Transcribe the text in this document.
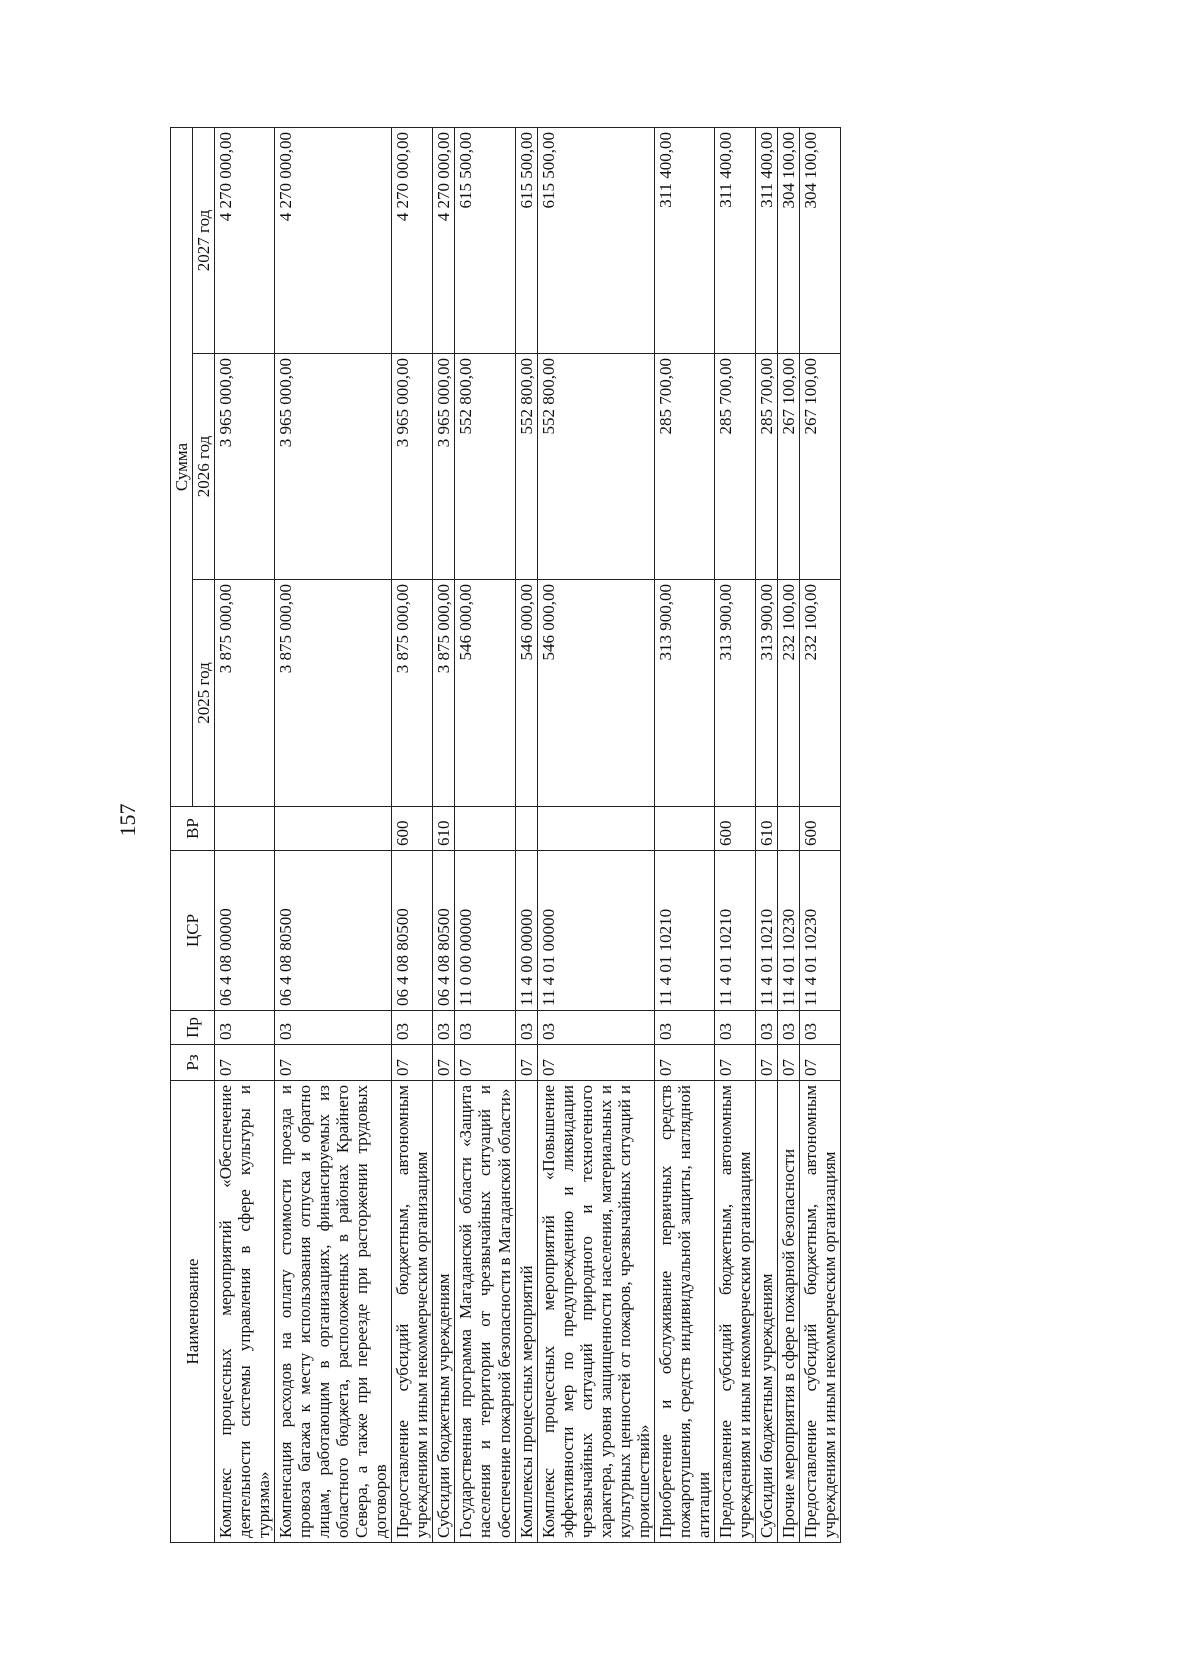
157
Наименование	Рз	Пр	ЦСР	ВР	Сумма		
					2025 год	2026 год	2027 год
Комплекс процессных мероприятий «Обеспечение деятельности системы управления в сфере культуры и туризма»	07	03	06 4 08 00000		3 875 000,00	3 965 000,00	4 270 000,00
Компенсация расходов на оплату стоимости проезда и провоза багажа к месту использования отпуска и обратно лицам, работающим в организациях, финансируемых из областного бюджета, расположенных в районах Крайнего Севера, а также при переезде при расторжении трудовых договоров	07	03	06 4 08 80500		3 875 000,00	3 965 000,00	4 270 000,00
Предоставление субсидий бюджетным, автономным учреждениям и иным некоммерческим организациям	07	03	06 4 08 80500	600	3 875 000,00	3 965 000,00	4 270 000,00
Субсидии бюджетным учреждениям	07	03	06 4 08 80500	610	3 875 000,00	3 965 000,00	4 270 000,00
Государственная программа Магаданской области «Защита населения и территории от чрезвычайных ситуаций и обеспечение пожарной безопасности в Магаданской области»	07	03	11 0 00 00000		546 000,00	552 800,00	615 500,00
Комплексы процессных мероприятий	07	03	11 4 00 00000		546 000,00	552 800,00	615 500,00
Комплекс процессных мероприятий «Повышение эффективности мер по предупреждению и ликвидации чрезвычайных ситуаций природного и техногенного характера, уровня защищенности населения, материальных и культурных ценностей от пожаров, чрезвычайных ситуаций и происшествий»	07	03	11 4 01 00000		546 000,00	552 800,00	615 500,00
Приобретение и обслуживание первичных средств пожаротушения, средств индивидуальной защиты, наглядной агитации	07	03	11 4 01 10210		313 900,00	285 700,00	311 400,00
Предоставление субсидий бюджетным, автономным учреждениям и иным некоммерческим организациям	07	03	11 4 01 10210	600	313 900,00	285 700,00	311 400,00
Субсидии бюджетным учреждениям	07	03	11 4 01 10210	610	313 900,00	285 700,00	311 400,00
Прочие мероприятия в сфере пожарной безопасности	07	03	11 4 01 10230		232 100,00	267 100,00	304 100,00
Предоставление субсидий бюджетным, автономным учреждениям и иным некоммерческим организациям	07	03	11 4 01 10230	600	232 100,00	267 100,00	304 100,00
